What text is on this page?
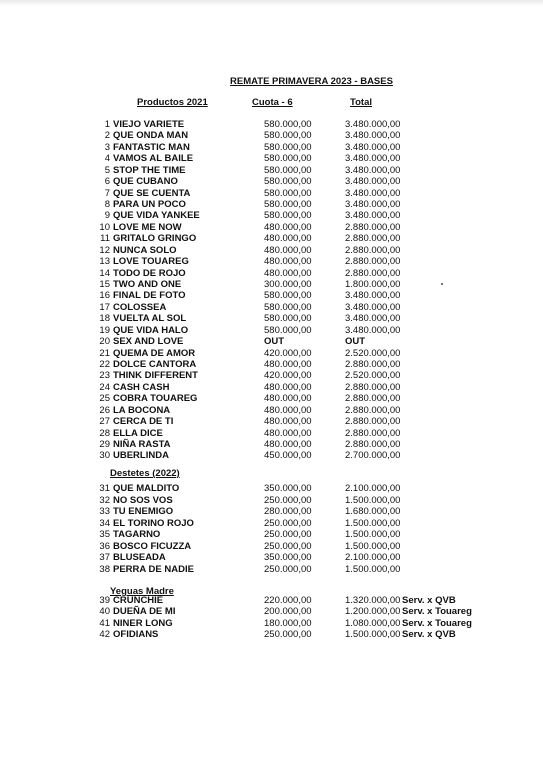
REMATE PRIMAVERA 2023 - BASES
Productos 2021	Cuota - 6	Total
1 VIEJO VARIETE	580.000,00	3.480.000,00
2 QUE ONDA MAN	580.000,00	3.480.000,00
3 FANTASTIC MAN	580.000,00	3.480.000,00
4 VAMOS AL BAILE	580.000,00	3.480.000,00
5 STOP THE TIME	580.000,00	3.480.000,00
6 QUE CUBANO	580.000,00	3.480.000,00
7 QUE SE CUENTA	580.000,00	3.480.000,00
8 PARA UN POCO	580.000,00	3.480.000,00
9 QUE VIDA YANKEE	580.000,00	3.480.000,00
10 LOVE ME NOW	480.000,00	2.880.000,00
11 GRITALO GRINGO	480.000,00	2.880.000,00
12 NUNCA SOLO	480.000,00	2.880.000,00
13 LOVE TOUAREG	480.000,00	2.880.000,00
14 TODO DE ROJO	480.000,00	2.880.000,00
15 TWO AND ONE	300.000,00	1.800.000,00
16 FINAL DE FOTO	580.000,00	3.480.000,00
17 COLOSSEA	580.000,00	3.480.000,00
18 VUELTA AL SOL	580.000,00	3.480.000,00
19 QUE VIDA HALO	580.000,00	3.480.000,00
20 SEX AND LOVE	OUT	OUT
21 QUEMA DE AMOR	420.000,00	2.520.000,00
22 DOLCE CANTORA	480.000,00	2.880.000,00
23 THINK DIFFERENT	420.000,00	2.520.000,00
24 CASH CASH	480.000,00	2.880.000,00
25 COBRA TOUAREG	480.000,00	2.880.000,00
26 LA BOCONA	480.000,00	2.880.000,00
27 CERCA DE TI	480.000,00	2.880.000,00
28 ELLA DICE	480.000,00	2.880.000,00
29 NIÑA RASTA	480.000,00	2.880.000,00
30 UBERLINDA	450.000,00	2.700.000,00
Destetes (2022)
31 QUE MALDITO	350.000,00	2.100.000,00
32 NO SOS VOS	250.000,00	1.500.000,00
33 TU ENEMIGO	280.000,00	1.680.000,00
34 EL TORINO ROJO	250.000,00	1.500.000,00
35 TAGARNO	250.000,00	1.500.000,00
36 BOSCO FICUZZA	250.000,00	1.500.000,00
37 BLUSEADA	350.000,00	2.100.000,00
38 PERRA DE NADIE	250.000,00	1.500.000,00
Yeguas Madre
39 CRUNCHIE	220.000,00	1.320.000,00 Serv. x QVB
40 DUEÑA DE MI	200.000,00	1.200.000,00 Serv. x Touareg
41 NINER LONG	180.000,00	1.080.000,00 Serv. x Touareg
42 OFIDIANS	250.000,00	1.500.000,00 Serv. x QVB
